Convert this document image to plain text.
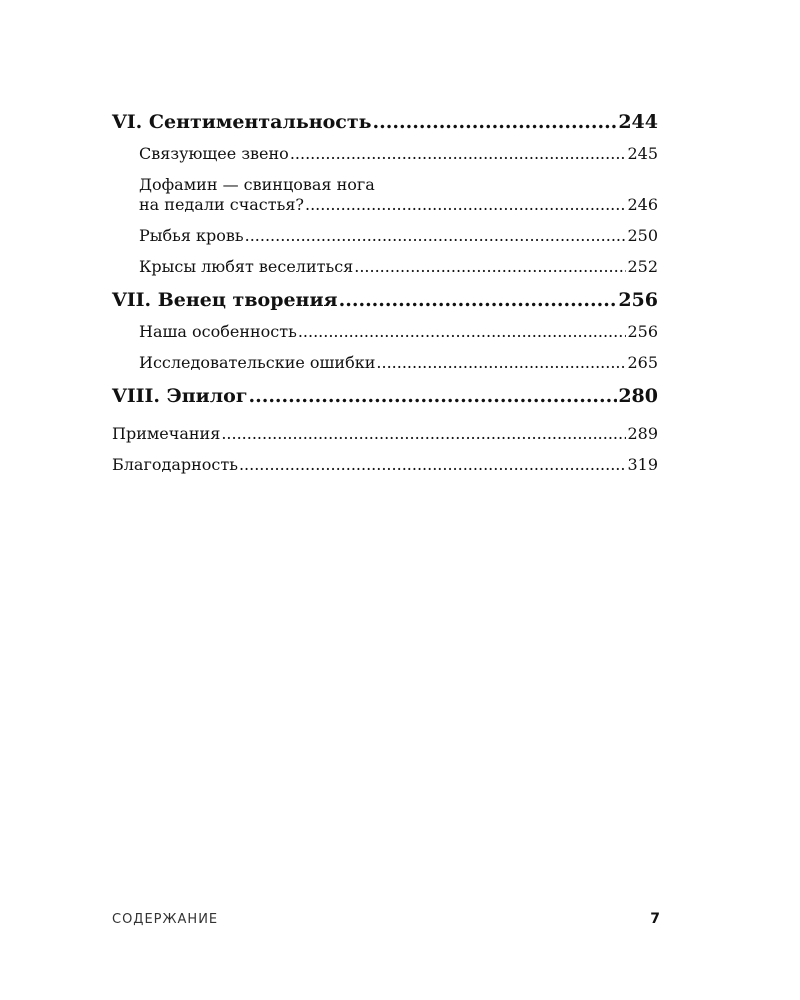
VI. Сентиментальность .....	244
Связующее звено .....	245
Дофамин — свинцовая нога
на педали счастья? .....	246
Рыбья кровь .....	250
Крысы любят веселиться .....	252
VII. Венец творения .....	256
Наша особенность .....	256
Исследовательские ошибки .....	265
VIII. Эпилог .....	280
Примечания .....	289
Благодарность .....	319
СОДЕРЖАНИЕ	7
